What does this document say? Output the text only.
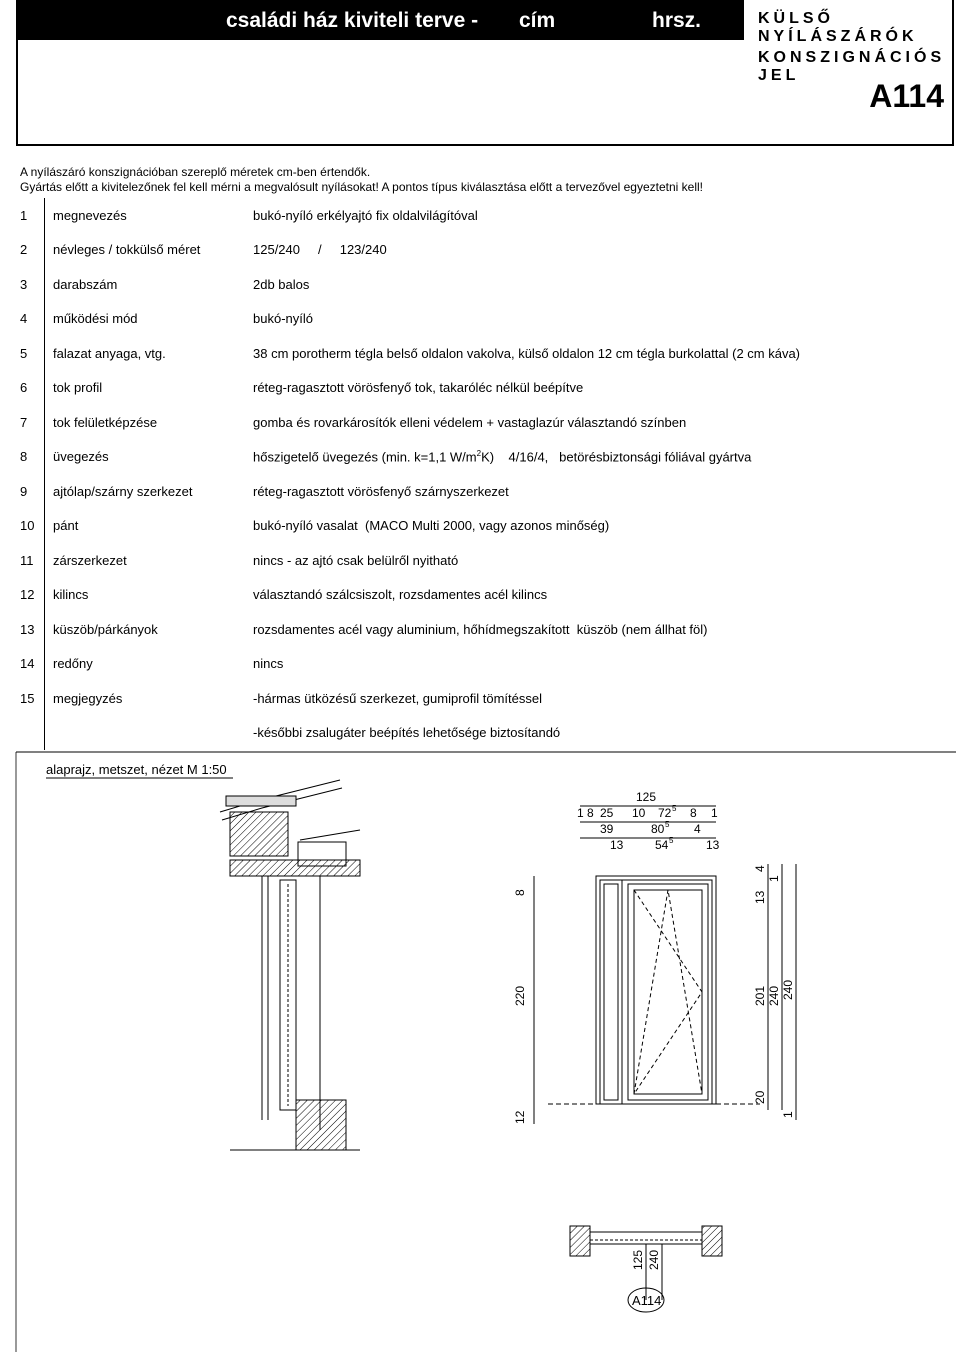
családi ház kiviteli terve - cím	hrsz.	KÜLSŐ NYÍLÁSZÁRÓK
KONSZIGNÁCIÓS JEL
A114
A nyílászáró konszignációban szereplő méretek cm-ben értendők.
Gyártás előtt a kivitelezőnek fel kell mérni a megvalósult nyílásokat! A pontos típus kiválasztása előtt a tervezővel egyeztetni kell!
1	megnevezés	bukó-nyíló erkélyajtó fix oldalvilágítóval
2	névleges / tokkülső méret	125/240     /     123/240
3	darabszám	2db balos
4	működési mód	bukó-nyíló
5	falazat anyaga, vtg.	38 cm porotherm tégla belső oldalon vakolva, külső oldalon 12 cm tégla burkolattal (2 cm káva)
6	tok profil	réteg-ragasztott vörösfenyő tok, takaróléc nélkül beépítve
7	tok felületképzése	gomba és rovarkárosítók elleni védelem + vastaglazúr választandó színben
8	üvegezés	hőszigetelő üvegezés (min. k=1,1 $W/m^2K$)    4/16/4,   betörésbiztonsági fóliával gyártva
9	ajtólap/szárny szerkezet	réteg-ragasztott vörösfenyő szárnyszerkezet
10	pánt	bukó-nyíló vasalat  (MACO Multi 2000, vagy azonos minőség)
11	zárszerkezet	nincs - az ajtó csak belülről nyitható
12	kilincs	választandó szálcsiszolt, rozsdamentes acél kilincs
13	küszöb/párkányok	rozsdamentes acél vagy aluminium, hőhídmegszakított  küszöb (nem állhat föl)
14	redőny	nincs
15	megjegyzés	-hármas ütközésű szerkezet, gumiprofil tömítéssel
		-későbbi zsalugáter beépítés lehetősége biztosítandó
alaprajz, metszet, nézet M 1:50
125
1 8 25 10 72 5 8 1
39	80 5 4
13	54 5	13
8
220
12
4
1
13
201 240 240
20
1
125 240
A114
